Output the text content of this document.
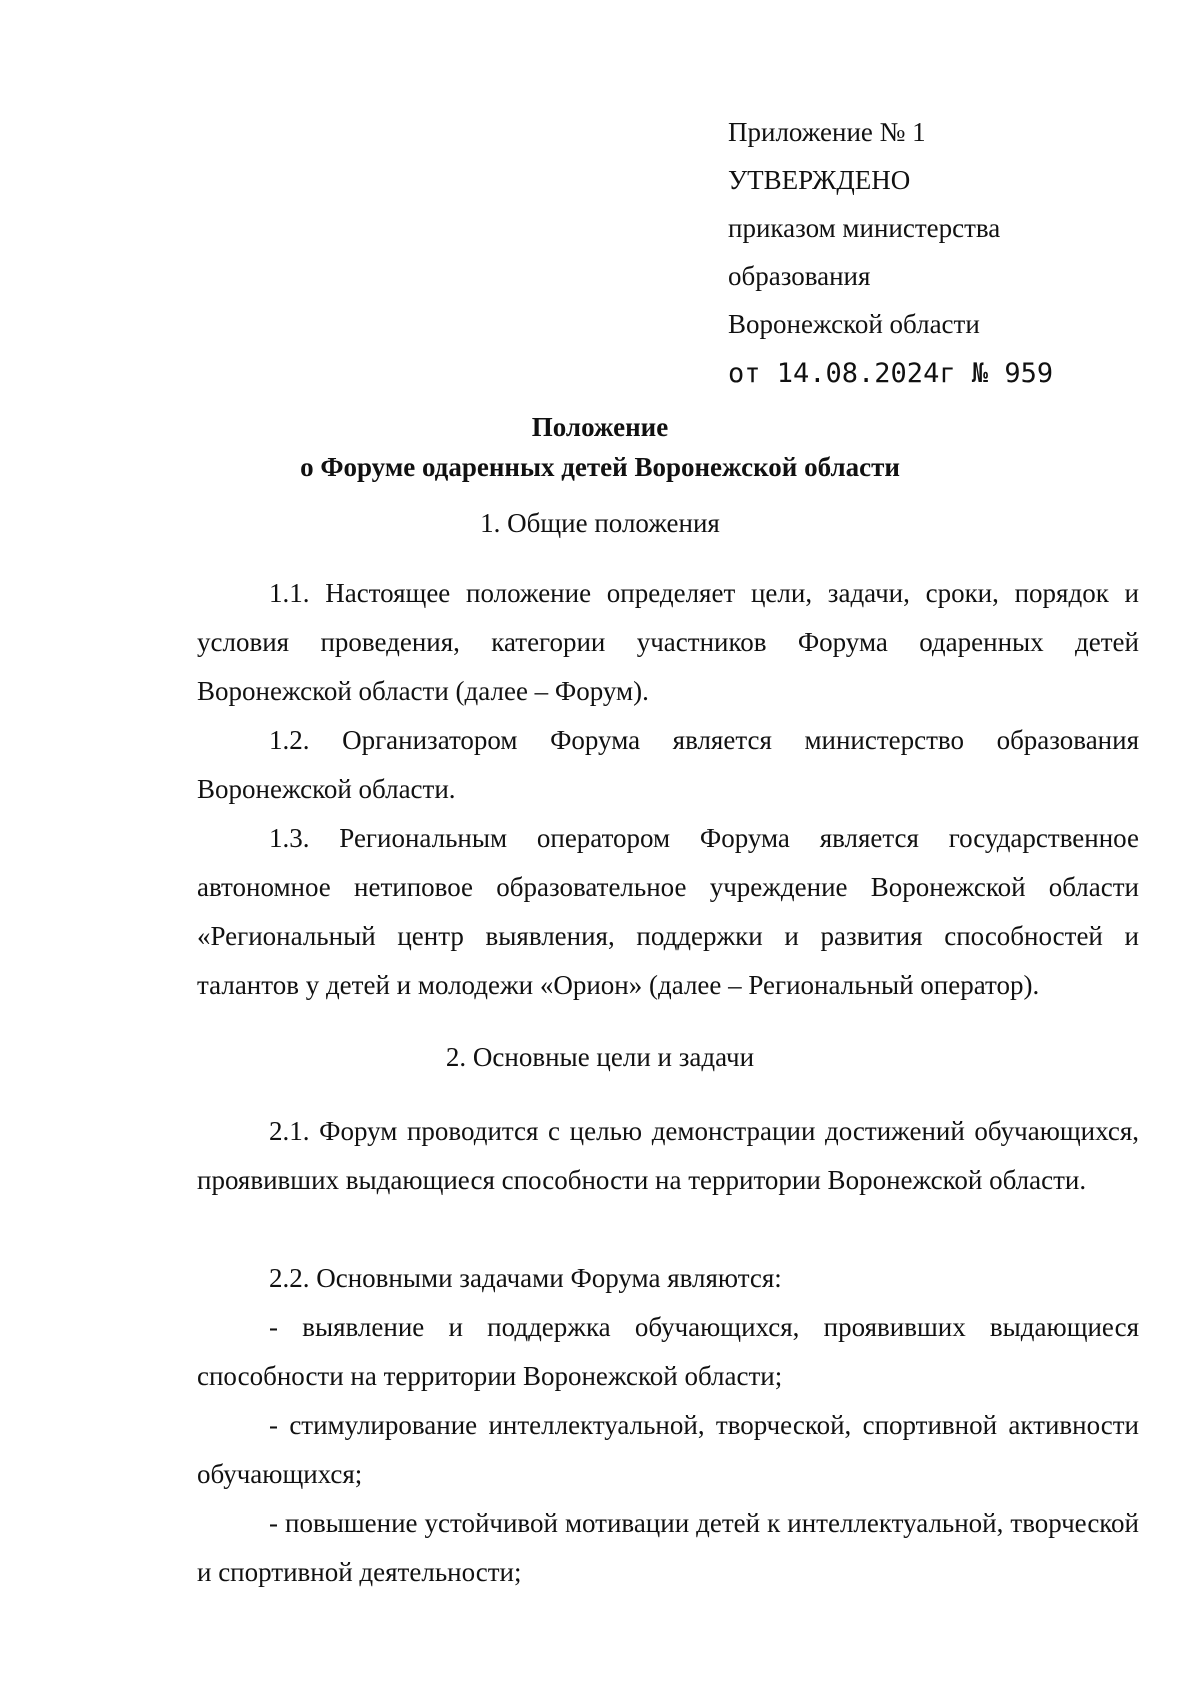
Приложение № 1
УТВЕРЖДЕНО
приказом министерства
образования
Воронежской области
от 14.08.2024г № 959
Положение
о Форуме одаренных детей Воронежской области
1. Общие положения
1.1. Настоящее положение определяет цели, задачи, сроки, порядок и условия проведения, категории участников Форума одаренных детей Воронежской области (далее – Форум).
1.2. Организатором Форума является министерство образования Воронежской области.
1.3. Региональным оператором Форума является государственное автономное нетиповое образовательное учреждение Воронежской области «Региональный центр выявления, поддержки и развития способностей и талантов у детей и молодежи «Орион» (далее – Региональный оператор).
2. Основные цели и задачи
2.1. Форум проводится с целью демонстрации достижений обучающихся, проявивших выдающиеся способности на территории Воронежской области.
2.2. Основными задачами Форума являются:
- выявление и поддержка обучающихся, проявивших выдающиеся способности на территории Воронежской области;
- стимулирование интеллектуальной, творческой, спортивной активности обучающихся;
- повышение устойчивой мотивации детей к интеллектуальной, творческой и спортивной деятельности;
